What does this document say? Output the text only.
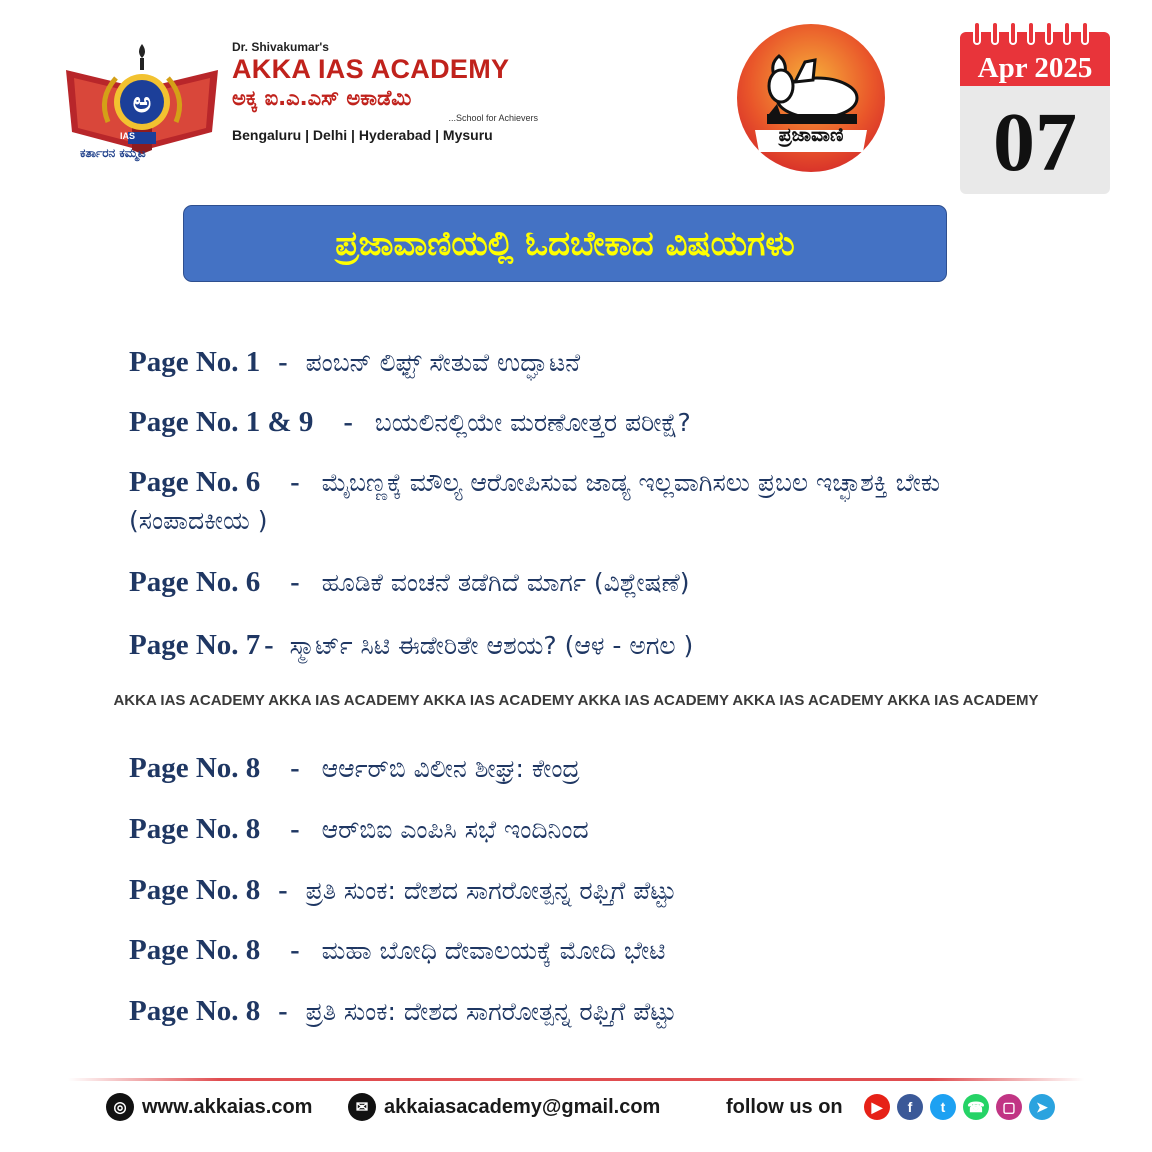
ಅ
IAS
ಕರ್ತಾರನ ಕಮ್ಮಟ
Dr. Shivakumar's
AKKA IAS ACADEMY
ಅಕ್ಕ ಐ.ಎ.ಎಸ್ ಅಕಾಡೆಮಿ
...School for Achievers
Bengaluru | Delhi | Hyderabad | Mysuru	ಪ್ರಜಾವಾಣಿ
Apr 2025
07
ಪ್ರಜಾವಾಣಿಯಲ್ಲಿ ಓದಬೇಕಾದ ವಿಷಯಗಳು
Page No. 1 - ಪಂಬನ್ ಲಿಫ್ಟ್ ಸೇತುವೆ ಉದ್ಘಾಟನೆ
Page No. 1 & 9 - ಬಯಲಿನಲ್ಲಿಯೇ ಮರಣೋತ್ತರ ಪರೀಕ್ಷೆ?
Page No. 6 - ಮೈಬಣ್ಣಕ್ಕೆ ಮೌಲ್ಯ ಆರೋಪಿಸುವ ಜಾಡ್ಯ ಇಲ್ಲವಾಗಿಸಲು ಪ್ರಬಲ ಇಚ್ಛಾಶಕ್ತಿ ಬೇಕು (ಸಂಪಾದಕೀಯ )
Page No. 6 - ಹೂಡಿಕೆ ವಂಚನೆ ತಡೆಗಿದೆ ಮಾರ್ಗ (ವಿಶ್ಲೇಷಣೆ)
Page No. 7 - ಸ್ಮಾರ್ಟ್ ಸಿಟಿ ಈಡೇರಿತೇ ಆಶಯ? (ಆಳ - ಅಗಲ )
AKKA IAS ACADEMY AKKA IAS ACADEMY AKKA IAS ACADEMY AKKA IAS ACADEMY AKKA IAS ACADEMY AKKA IAS ACADEMY
Page No. 8 - ಆರ್ಆರ್‌ಬಿ ವಿಲೀನ ಶೀಘ್ರ: ಕೇಂದ್ರ
Page No. 8 - ಆರ್‌ಬಿಐ ಎಂಪಿಸಿ ಸಭೆ ಇಂದಿನಿಂದ
Page No. 8 - ಪ್ರತಿ ಸುಂಕ: ದೇಶದ ಸಾಗರೋತ್ಪನ್ನ ರಫ್ತಿಗೆ ಪೆಟ್ಟು
Page No. 8 - ಮಹಾ ಬೋಧಿ ದೇವಾಲಯಕ್ಕೆ ಮೋದಿ ಭೇಟಿ
Page No. 8 - ಪ್ರತಿ ಸುಂಕ: ದೇಶದ ಸಾಗರೋತ್ಪನ್ನ ರಫ್ತಿಗೆ ಪೆಟ್ಟು
◎ www.akkaias.com	✉ akkaiasacademy@gmail.com	follow us on	▶	f	t	☎	▢	➤
